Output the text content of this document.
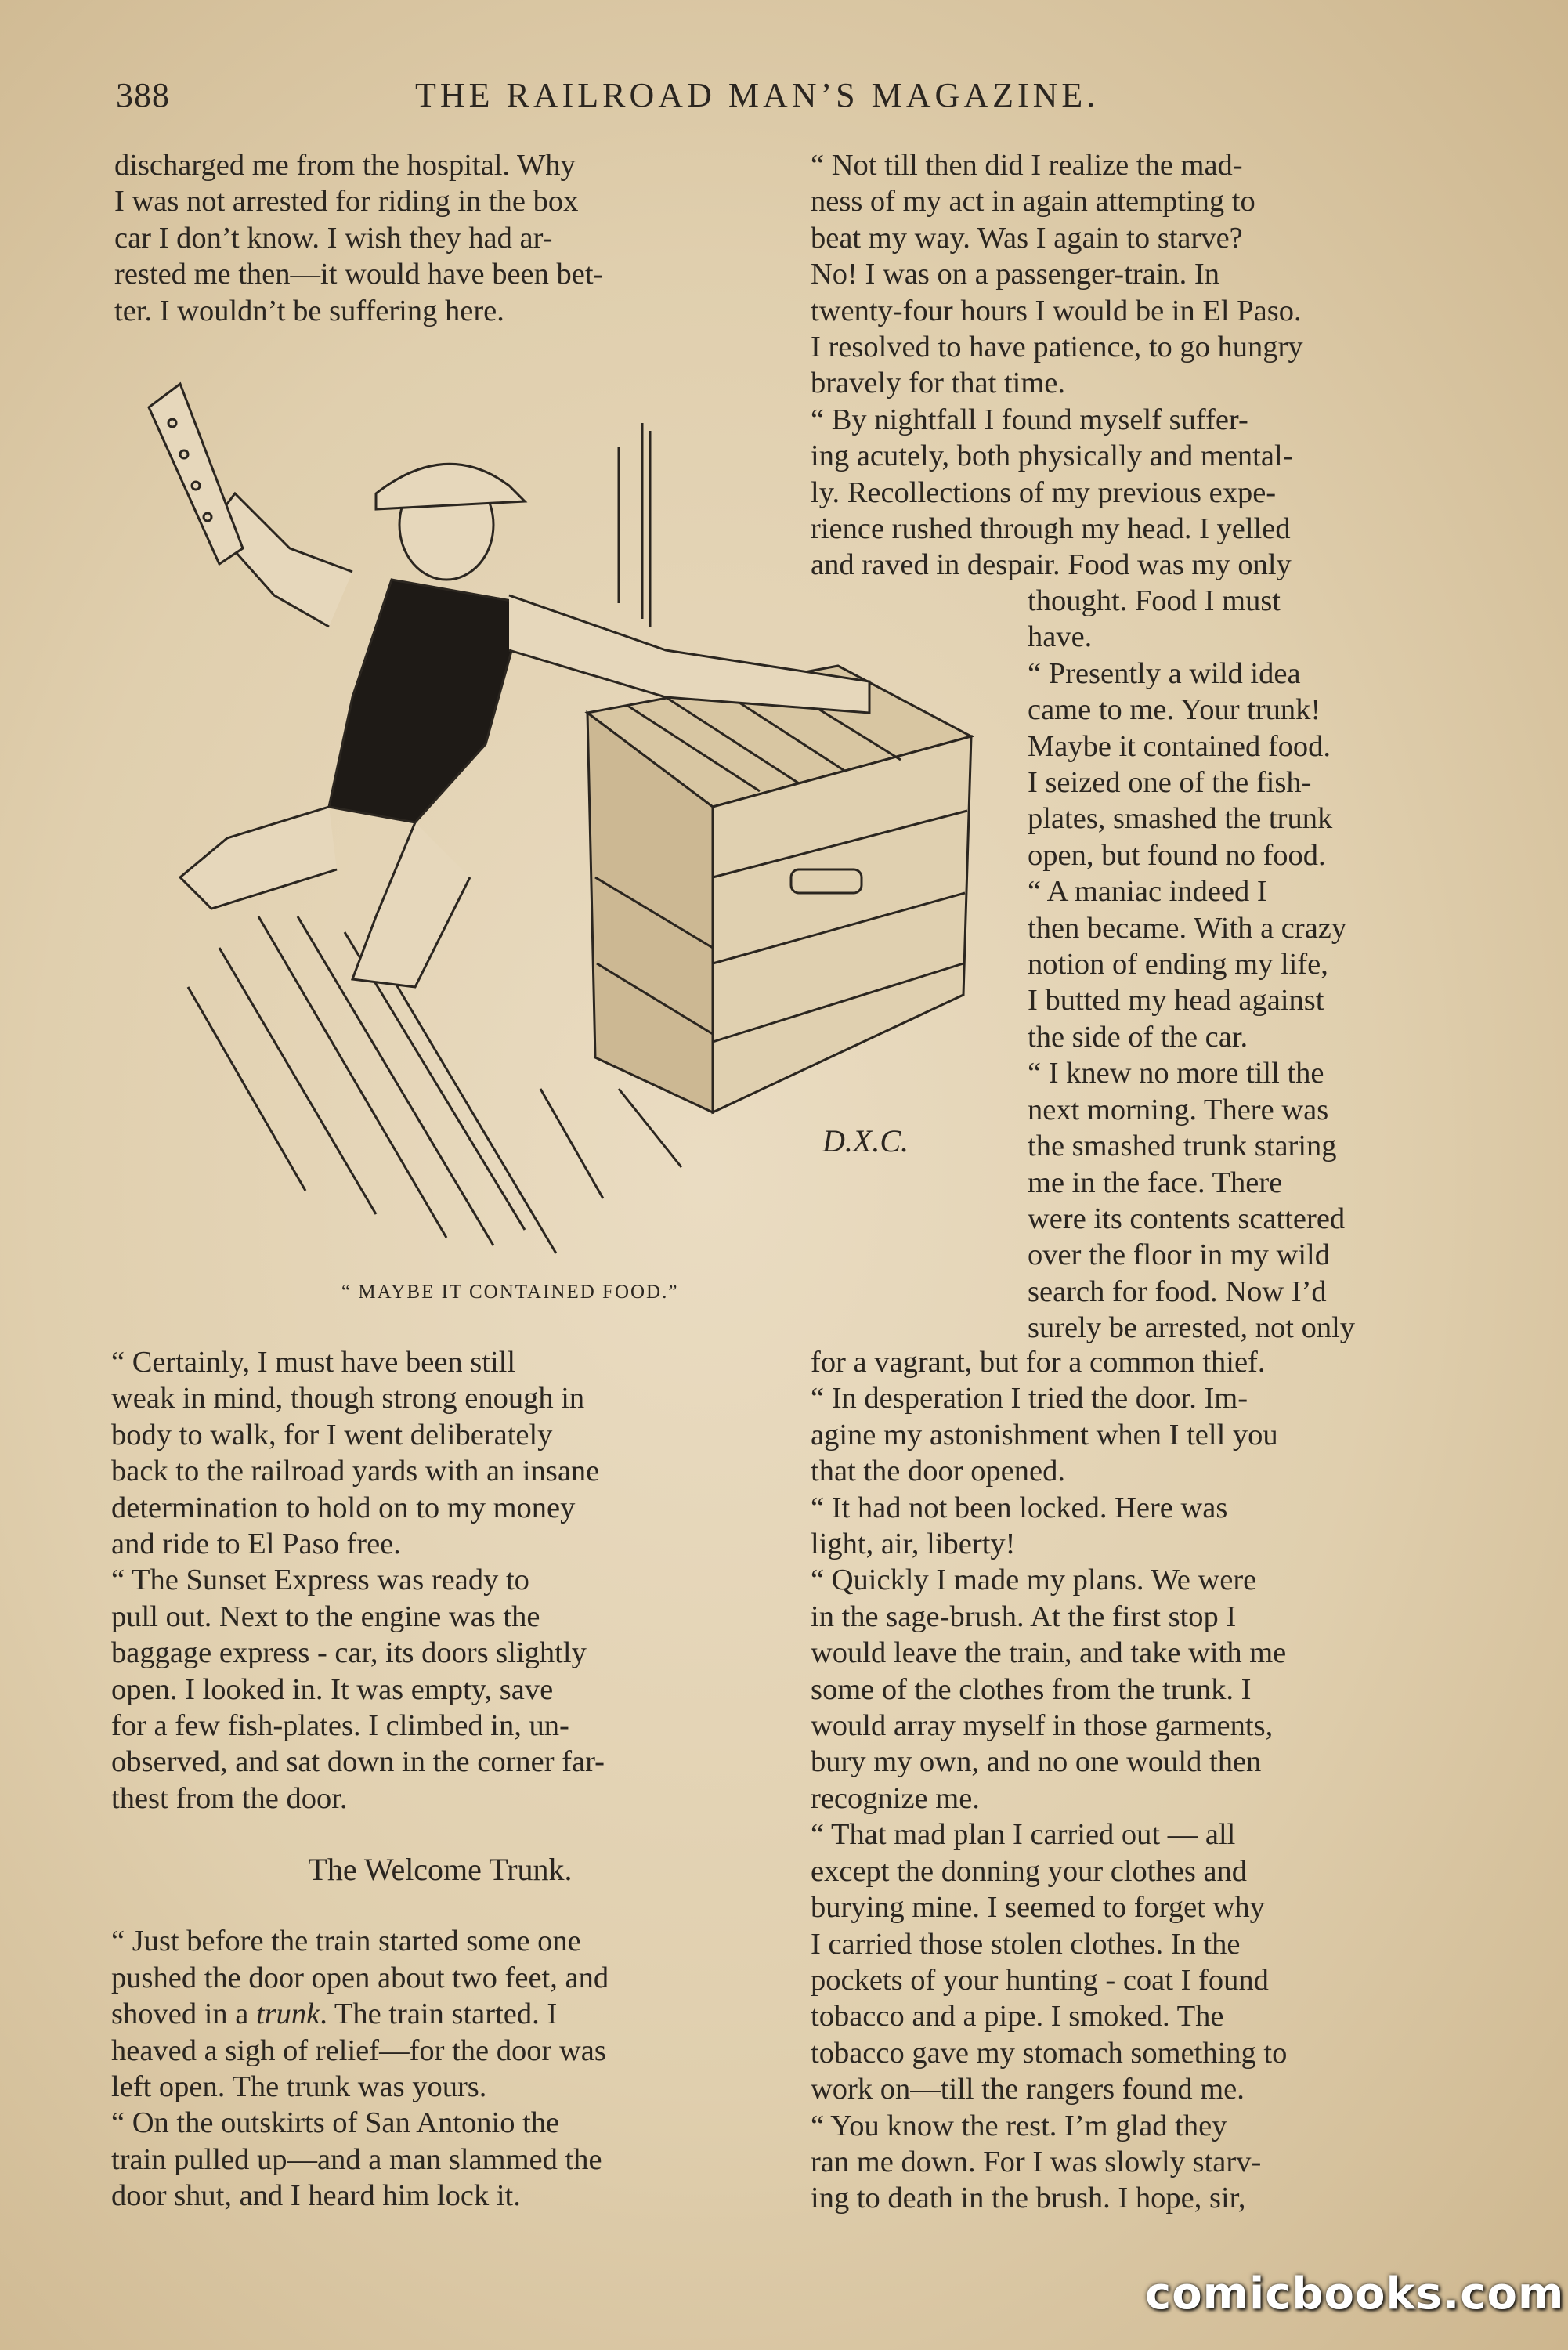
388	THE RAILROAD MAN’S MAGAZINE.
discharged me from the hospital. Why
I was not arrested for riding in the box
car I don’t know. I wish they had ar-
rested me then—it would have been bet-
ter. I wouldn’t be suffering here.
D.X.C.
“ MAYBE IT CONTAINED FOOD.”
“ Certainly, I must have been still
weak in mind, though strong enough in
body to walk, for I went deliberately
back to the railroad yards with an insane
determination to hold on to my money
and ride to El Paso free.
“ The Sunset Express was ready to
pull out. Next to the engine was the
baggage express - car, its doors slightly
open. I looked in. It was empty, save
for a few fish-plates. I climbed in, un-
observed, and sat down in the corner far-
thest from the door.
The Welcome Trunk.
“ Just before the train started some one
pushed the door open about two feet, and
shoved in a trunk. The train started. I
heaved a sigh of relief—for the door was
left open. The trunk was yours.
“ On the outskirts of San Antonio the
train pulled up—and a man slammed the
door shut, and I heard him lock it.
“ Not till then did I realize the mad-
ness of my act in again attempting to
beat my way. Was I again to starve?
No! I was on a passenger-train. In
twenty-four hours I would be in El Paso.
I resolved to have patience, to go hungry
bravely for that time.
“ By nightfall I found myself suffer-
ing acutely, both physically and mental-
ly. Recollections of my previous expe-
rience rushed through my head. I yelled
and raved in despair. Food was my only
thought. Food I must
have.
“ Presently a wild idea
came to me. Your trunk!
Maybe it contained food.
I seized one of the fish-
plates, smashed the trunk
open, but found no food.
“ A maniac indeed I
then became. With a crazy
notion of ending my life,
I butted my head against
the side of the car.
“ I knew no more till the
next morning. There was
the smashed trunk staring
me in the face. There
were its contents scattered
over the floor in my wild
search for food. Now I’d
surely be arrested, not only
for a vagrant, but for a common thief.
“ In desperation I tried the door. Im-
agine my astonishment when I tell you
that the door opened.
“ It had not been locked. Here was
light, air, liberty!
“ Quickly I made my plans. We were
in the sage-brush. At the first stop I
would leave the train, and take with me
some of the clothes from the trunk. I
would array myself in those garments,
bury my own, and no one would then
recognize me.
“ That mad plan I carried out — all
except the donning your clothes and
burying mine. I seemed to forget why
I carried those stolen clothes. In the
pockets of your hunting - coat I found
tobacco and a pipe. I smoked. The
tobacco gave my stomach something to
work on—till the rangers found me.
“ You know the rest. I’m glad they
ran me down. For I was slowly starv-
ing to death in the brush. I hope, sir,
comicbooks.com
